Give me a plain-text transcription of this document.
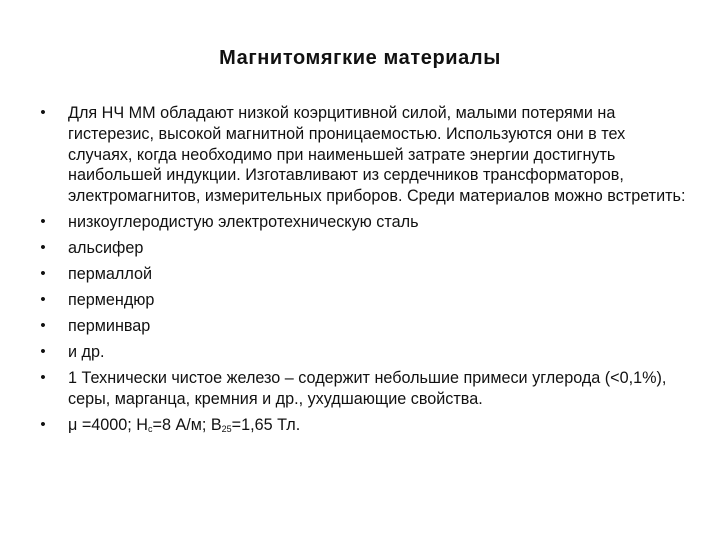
Магнитомягкие материалы
• Для НЧ ММ обладают низкой коэрцитивной силой, малыми потерями на гистерезис, высокой магнитной проницаемостью. Используются они в тех случаях, когда необходимо при наименьшей затрате энергии достигнуть наибольшей индукции. Изготавливают из сердечников трансформаторов, электромагнитов, измерительных приборов. Среди материалов можно встретить:
• низкоуглеродистую электротехническую сталь
• альсифер
• пермаллой
• пермендюр
• перминвар
• и др.
• 1 Технически чистое железо – содержит небольшие примеси углерода (<0,1%), серы, марганца, кремния и др., ухудшающие свойства.
• μ =4000; $H_c=8$ А/м; $B_{25}=1,65$ Тл.
